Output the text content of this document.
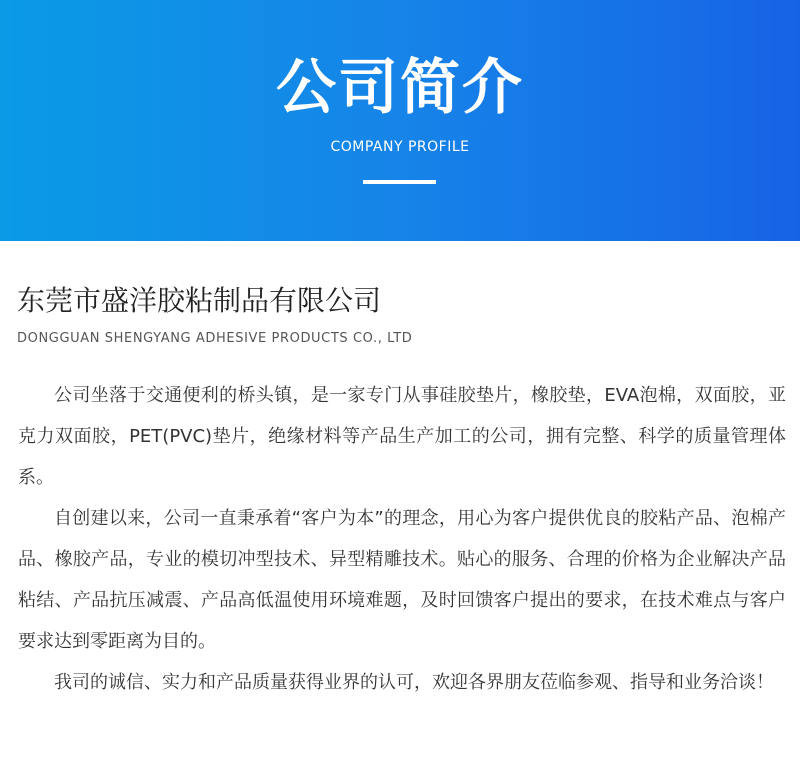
公司简介
COMPANY PROFILE
东莞市盛洋胶粘制品有限公司
DONGGUAN SHENGYANG ADHESIVE PRODUCTS CO., LTD

公司坐落于交通便利的桥头镇，是一家专门从事硅胶垫片，橡胶垫，EVA泡棉，双面胶，亚克力双面胶，PET(PVC)垫片，绝缘材料等产品生产加工的公司，拥有完整、科学的质量管理体系。

自创建以来，公司一直秉承着“客户为本”的理念，用心为客户提供优良的胶粘产品、泡棉产品、橡胶产品，专业的模切冲型技术、异型精雕技术。贴心的服务、合理的价格为企业解决产品粘结、产品抗压减震、产品高低温使用环境难题，及时回馈客户提出的要求，在技术难点与客户要求达到零距离为目的。

我司的诚信、实力和产品质量获得业界的认可，欢迎各界朋友莅临参观、指导和业务洽谈！
